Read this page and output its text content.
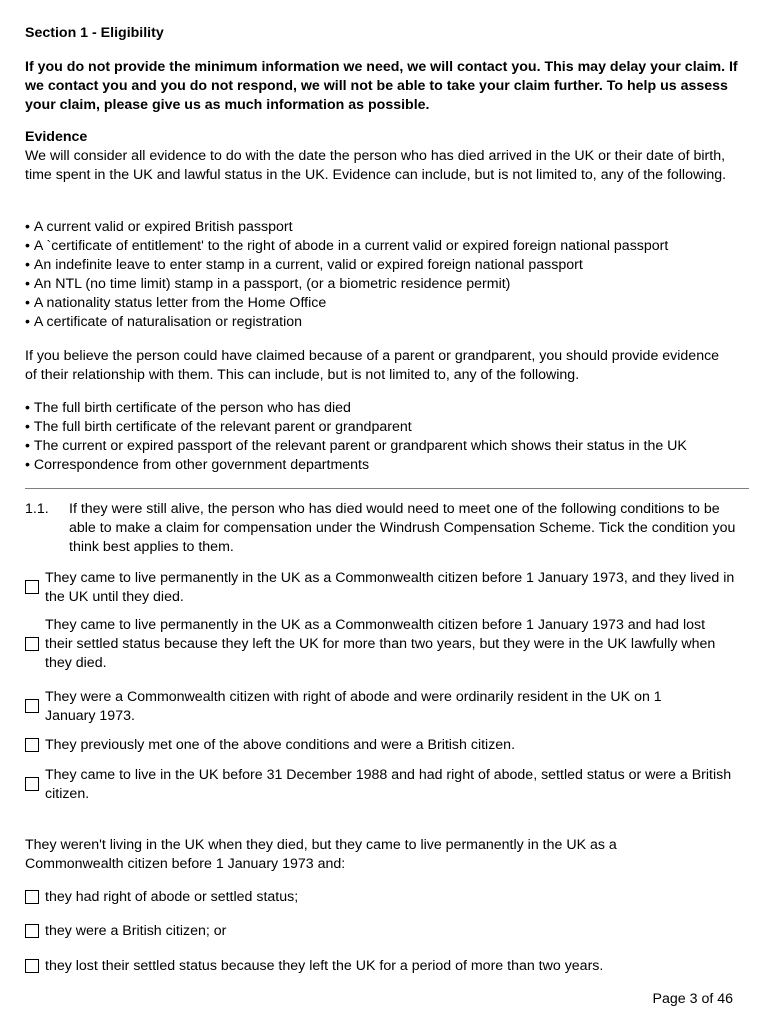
Section 1 - Eligibility
If you do not provide the minimum information we need, we will contact you. This may delay your claim. If we contact you and you do not respond, we will not be able to take your claim further. To help us assess your claim, please give us as much information as possible.
Evidence
We will consider all evidence to do with the date the person who has died arrived in the UK or their date of birth, time spent in the UK and lawful status in the UK. Evidence can include, but is not limited to, any of the following.
• A current valid or expired British passport
• A `certificate of entitlement' to the right of abode in a current valid or expired foreign national passport
• An indefinite leave to enter stamp in a current, valid or expired foreign national passport
• An NTL (no time limit) stamp in a passport, (or a biometric residence permit)
• A nationality status letter from the Home Office
• A certificate of naturalisation or registration
If you believe the person could have claimed because of a parent or grandparent, you should provide evidence of their relationship with them. This can include, but is not limited to, any of the following.
• The full birth certificate of the person who has died
• The full birth certificate of the relevant parent or grandparent
• The current or expired passport of the relevant parent or grandparent which shows their status in the UK
• Correspondence from other government departments
1.1. If they were still alive, the person who has died would need to meet one of the following conditions to be able to make a claim for compensation under the Windrush Compensation Scheme. Tick the condition you think best applies to them.
They came to live permanently in the UK as a Commonwealth citizen before 1 January 1973, and they lived in the UK until they died.
They came to live permanently in the UK as a Commonwealth citizen before 1 January 1973 and had lost their settled status because they left the UK for more than two years, but they were in the UK lawfully when they died.
They were a Commonwealth citizen with right of abode and were ordinarily resident in the UK on 1 January 1973.
They previously met one of the above conditions and were a British citizen.
They came to live in the UK before 31 December 1988 and had right of abode, settled status or were a British citizen.
They weren't living in the UK when they died, but they came to live permanently in the UK as a Commonwealth citizen before 1 January 1973 and:
they had right of abode or settled status;
they were a British citizen; or
they lost their settled status because they left the UK for a period of more than two years.
Page 3 of 46
